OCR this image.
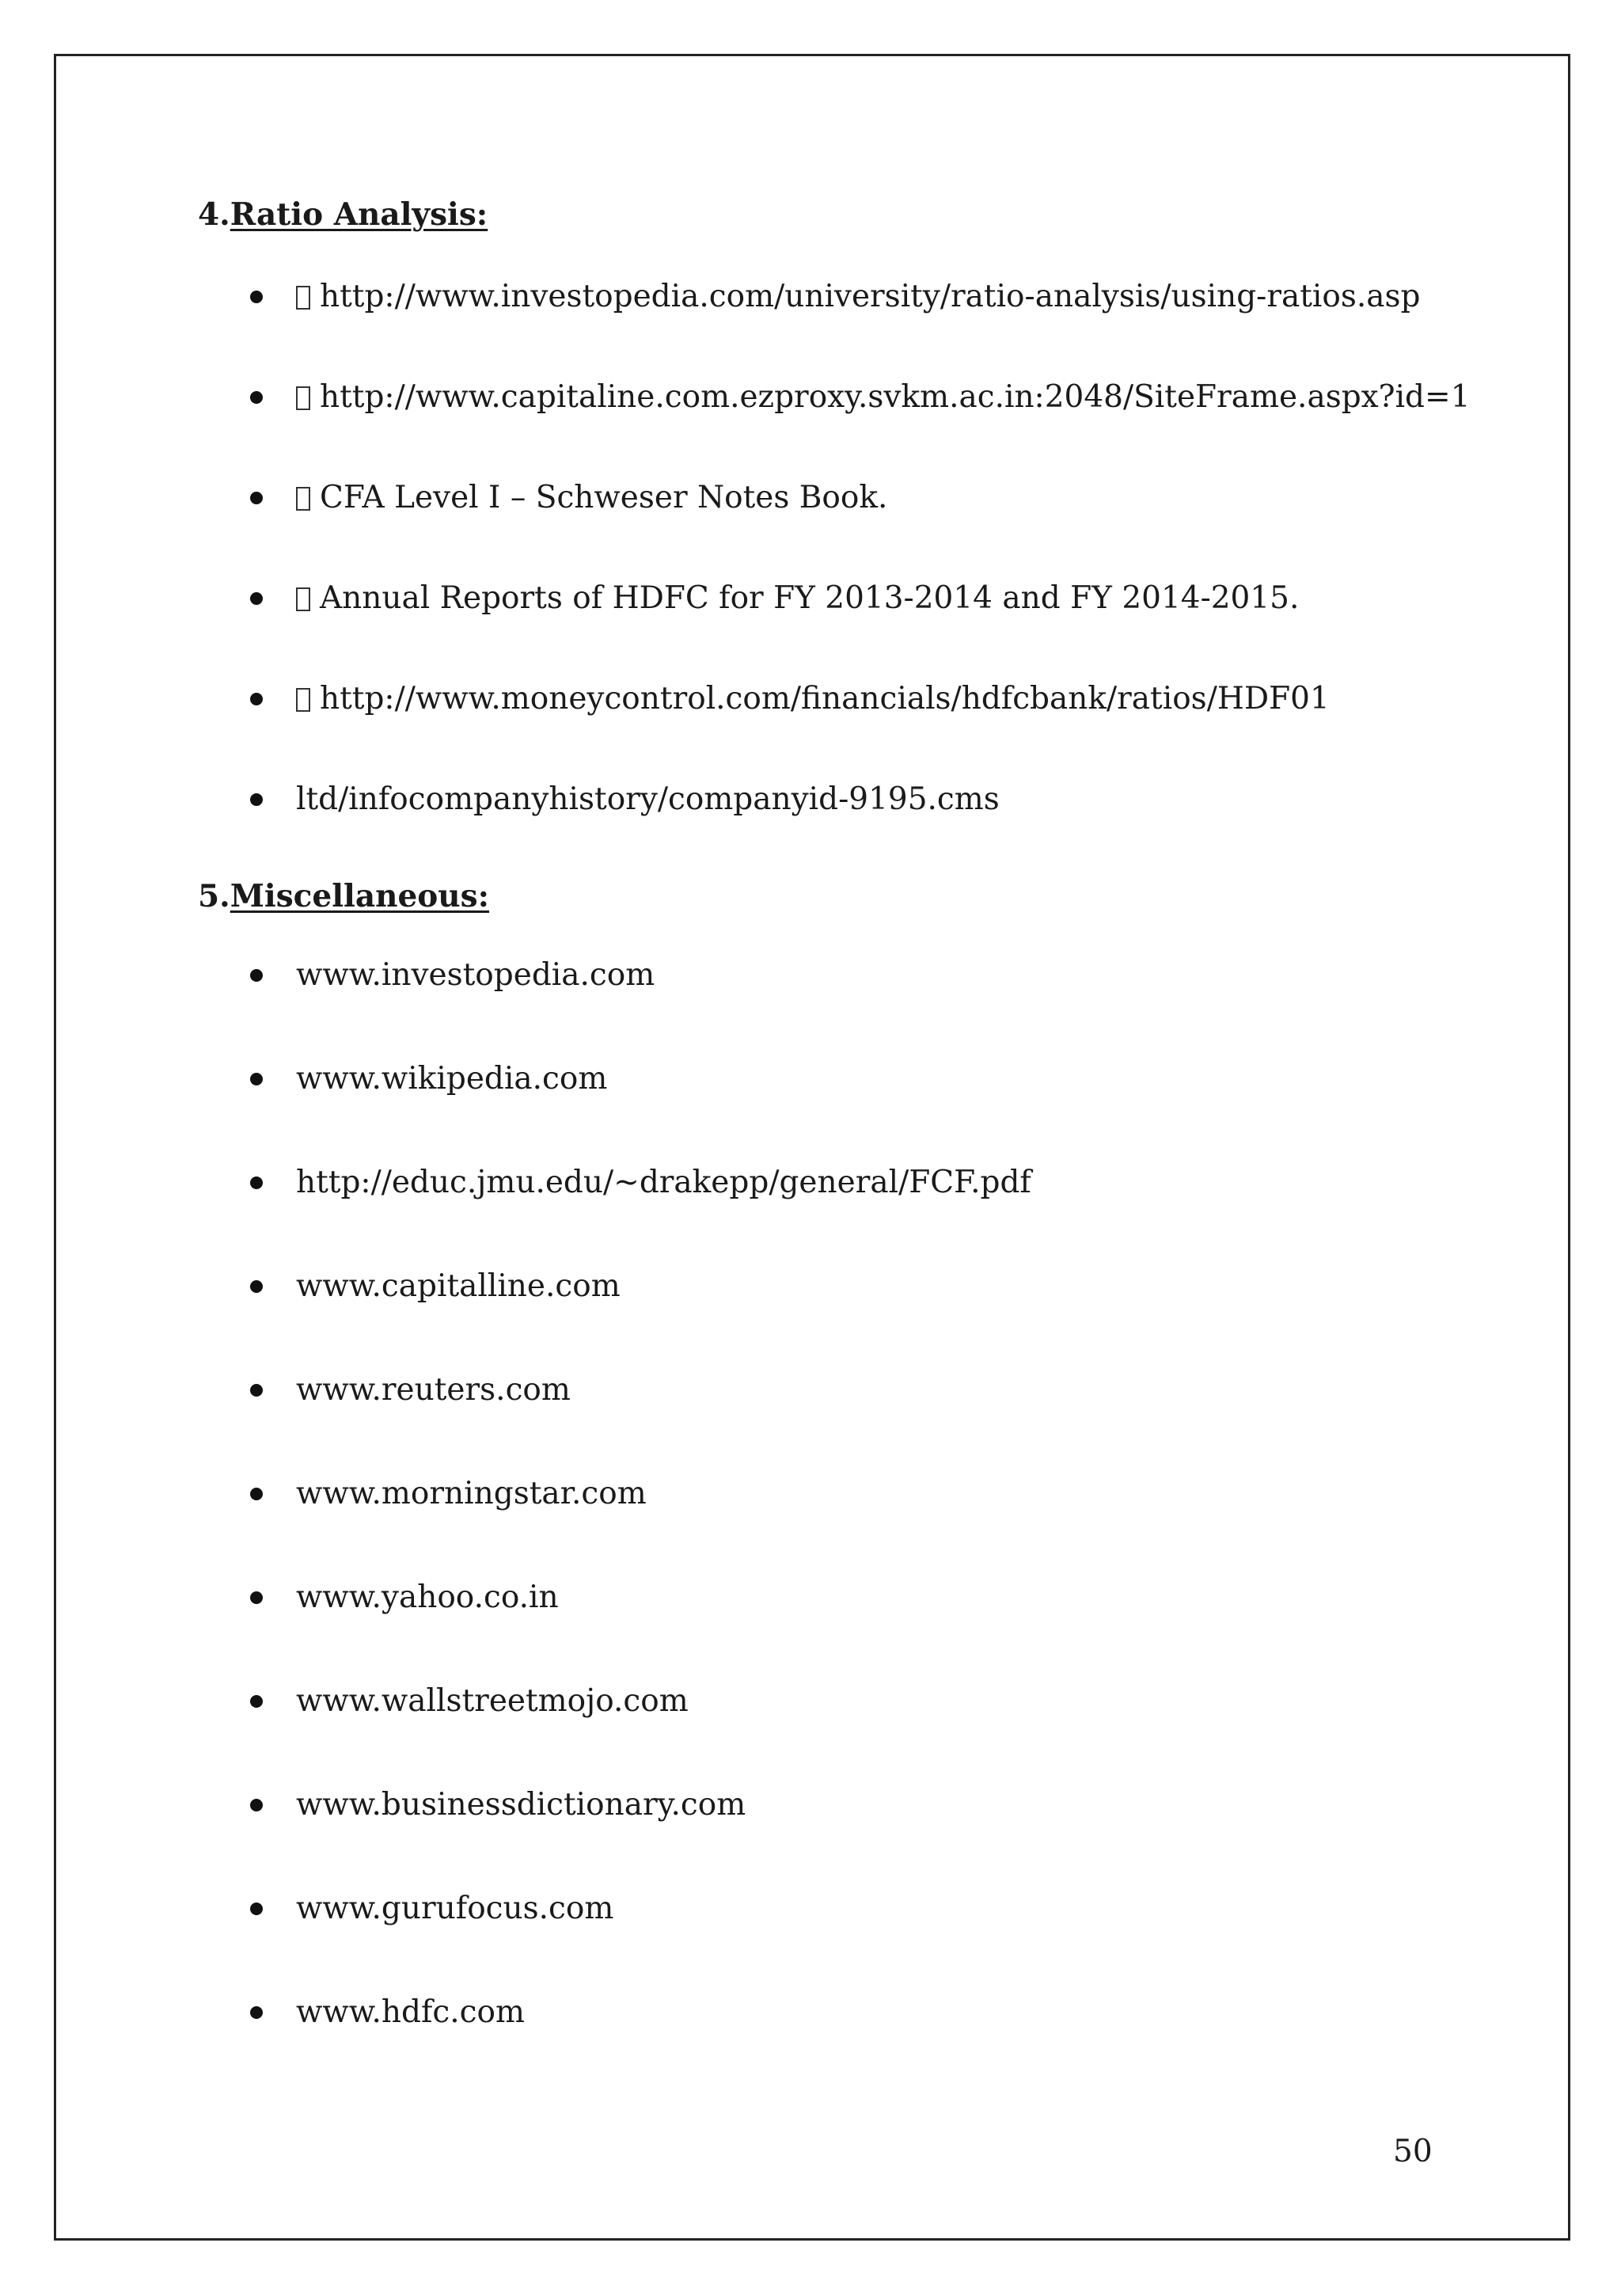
4.Ratio Analysis:
http://www.investopedia.com/university/ratio-analysis/using-ratios.asp
http://www.capitaline.com.ezproxy.svkm.ac.in:2048/SiteFrame.aspx?id=1
CFA Level I – Schweser Notes Book.
Annual Reports of HDFC for FY 2013-2014 and FY 2014-2015.
http://www.moneycontrol.com/financials/hdfcbank/ratios/HDF01
ltd/infocompanyhistory/companyid-9195.cms
5.Miscellaneous:
www.investopedia.com
www.wikipedia.com
http://educ.jmu.edu/~drakepp/general/FCF.pdf
www.capitalline.com
www.reuters.com
www.morningstar.com
www.yahoo.co.in
www.wallstreetmojo.com
www.businessdictionary.com
www.gurufocus.com
www.hdfc.com
50
